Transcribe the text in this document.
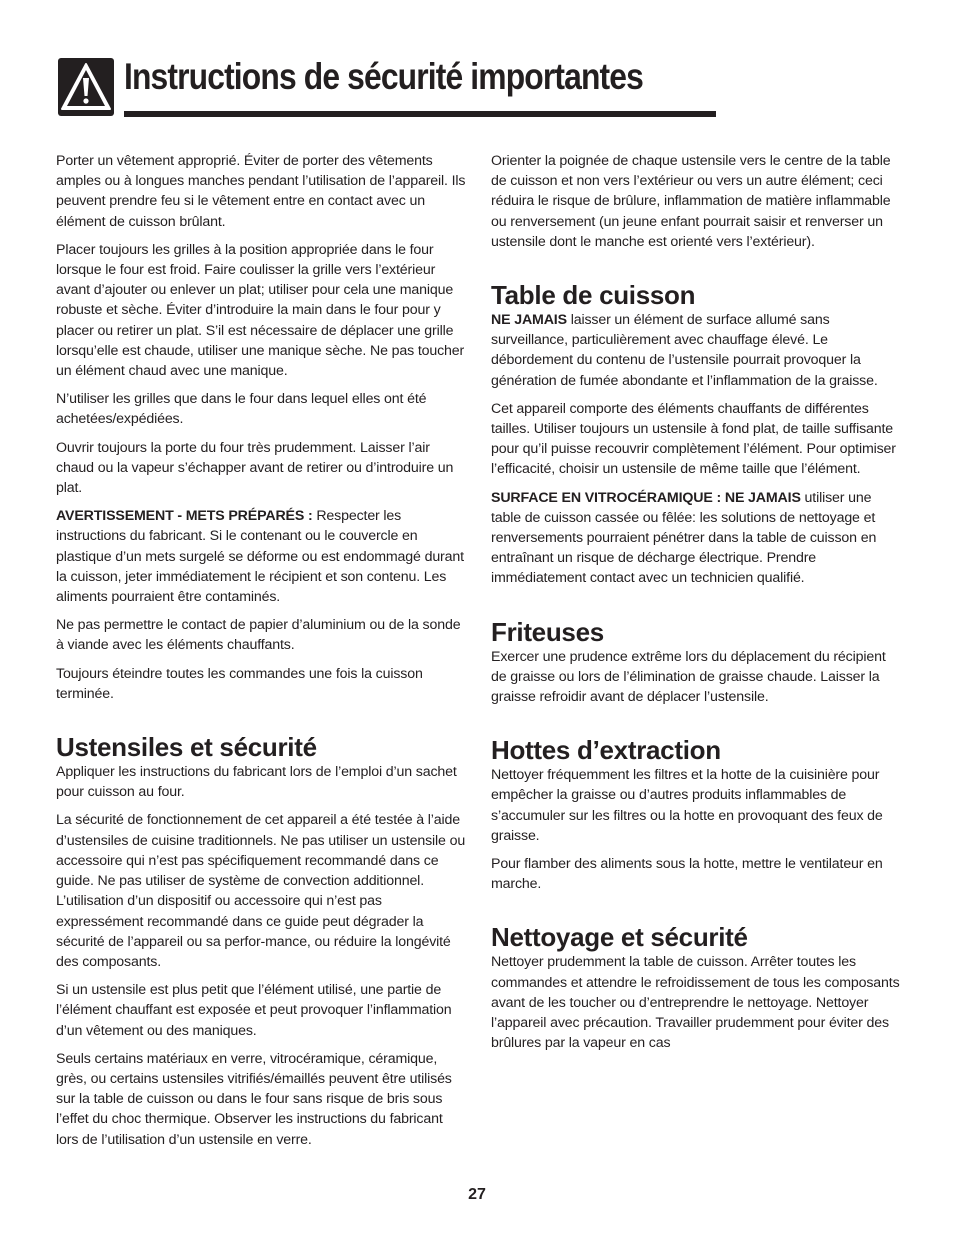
Instructions de sécurité importantes

Porter un vêtement approprié. Éviter de porter des vêtements amples ou à longues manches pendant l’utilisation de l’appareil. Ils peuvent prendre feu si le vêtement entre en contact avec un élément de cuisson brûlant.

Placer toujours les grilles à la position appropriée dans le four lorsque le four est froid. Faire coulisser la grille vers l’extérieur avant d’ajouter ou enlever un plat; utiliser pour cela une manique robuste et sèche. Éviter d’introduire la main dans le four pour y placer ou retirer un plat. S’il est nécessaire de déplacer une grille lorsqu’elle est chaude, utiliser une manique sèche. Ne pas toucher un élément chaud avec une manique.

N’utiliser les grilles que dans le four dans lequel elles ont été achetées/expédiées.

Ouvrir toujours la porte du four très prudemment. Laisser l’air chaud ou la vapeur s’échapper avant de retirer ou d’introduire un plat.

AVERTISSEMENT - METS PRÉPARÉS : Respecter les instructions du fabricant. Si le contenant ou le couvercle en plastique d’un mets surgelé se déforme ou est endommagé durant la cuisson, jeter immédiatement le récipient et son contenu. Les aliments pourraient être contaminés.

Ne pas permettre le contact de papier d’aluminium ou de la sonde à viande avec les éléments chauffants.

Toujours éteindre toutes les commandes une fois la cuisson terminée.

Ustensiles et sécurité

Appliquer les instructions du fabricant lors de l’emploi d’un sachet pour cuisson au four.

La sécurité de fonctionnement de cet appareil a été testée à l’aide d’ustensiles de cuisine traditionnels. Ne pas utiliser un ustensile ou accessoire qui n’est pas spécifiquement recommandé dans ce guide. Ne pas utiliser de système de convection additionnel. L’utilisation d’un dispositif ou accessoire qui n’est pas expressément recommandé dans ce guide peut dégrader la sécurité de l’appareil ou sa perfor-mance, ou réduire la longévité des composants.

Si un ustensile est plus petit que l’élément utilisé, une partie de l’élément chauffant est exposée et peut provoquer l’inflammation d’un vêtement ou des maniques.

Seuls certains matériaux en verre, vitrocéramique, céramique, grès, ou certains ustensiles vitrifiés/émaillés peuvent être utilisés sur la table de cuisson ou dans le four sans risque de bris sous l’effet du choc thermique. Observer les instructions du fabricant lors de l’utilisation d’un ustensile en verre.

Orienter la poignée de chaque ustensile vers le centre de la table de cuisson et non vers l’extérieur ou vers un autre élément; ceci réduira le risque de brûlure, inflammation de matière inflammable ou renversement (un jeune enfant pourrait saisir et renverser un ustensile dont le manche est orienté vers l’extérieur).

Table de cuisson

NE JAMAIS laisser un élément de surface allumé sans surveillance, particulièrement avec chauffage élevé. Le débordement du contenu de l’ustensile pourrait provoquer la génération de fumée abondante et l’inflammation de la graisse.

Cet appareil comporte des éléments chauffants de différentes tailles. Utiliser toujours un ustensile à fond plat, de taille suffisante pour qu’il puisse recouvrir complètement l’élément. Pour optimiser l’efficacité, choisir un ustensile de même taille que l’élément.

SURFACE EN VITROCÉRAMIQUE : NE JAMAIS utiliser une table de cuisson cassée ou fêlée: les solutions de nettoyage et renversements pourraient pénétrer dans la table de cuisson en entraînant un risque de décharge électrique. Prendre immédiatement contact avec un technicien qualifié.

Friteuses

Exercer une prudence extrême lors du déplacement du récipient de graisse ou lors de l’élimination de graisse chaude. Laisser la graisse refroidir avant de déplacer l’ustensile.

Hottes d’extraction

Nettoyer fréquemment les filtres et la hotte de la cuisinière pour empêcher la graisse ou d’autres produits inflammables de s’accumuler sur les filtres ou la hotte en provoquant des feux de graisse.

Pour flamber des aliments sous la hotte, mettre le ventilateur en marche.

Nettoyage et sécurité

Nettoyer prudemment la table de cuisson. Arrêter toutes les commandes et attendre le refroidissement de tous les composants avant de les toucher ou d’entreprendre le nettoyage. Nettoyer l’appareil avec précaution. Travailler prudemment pour éviter des brûlures par la vapeur en cas

27
